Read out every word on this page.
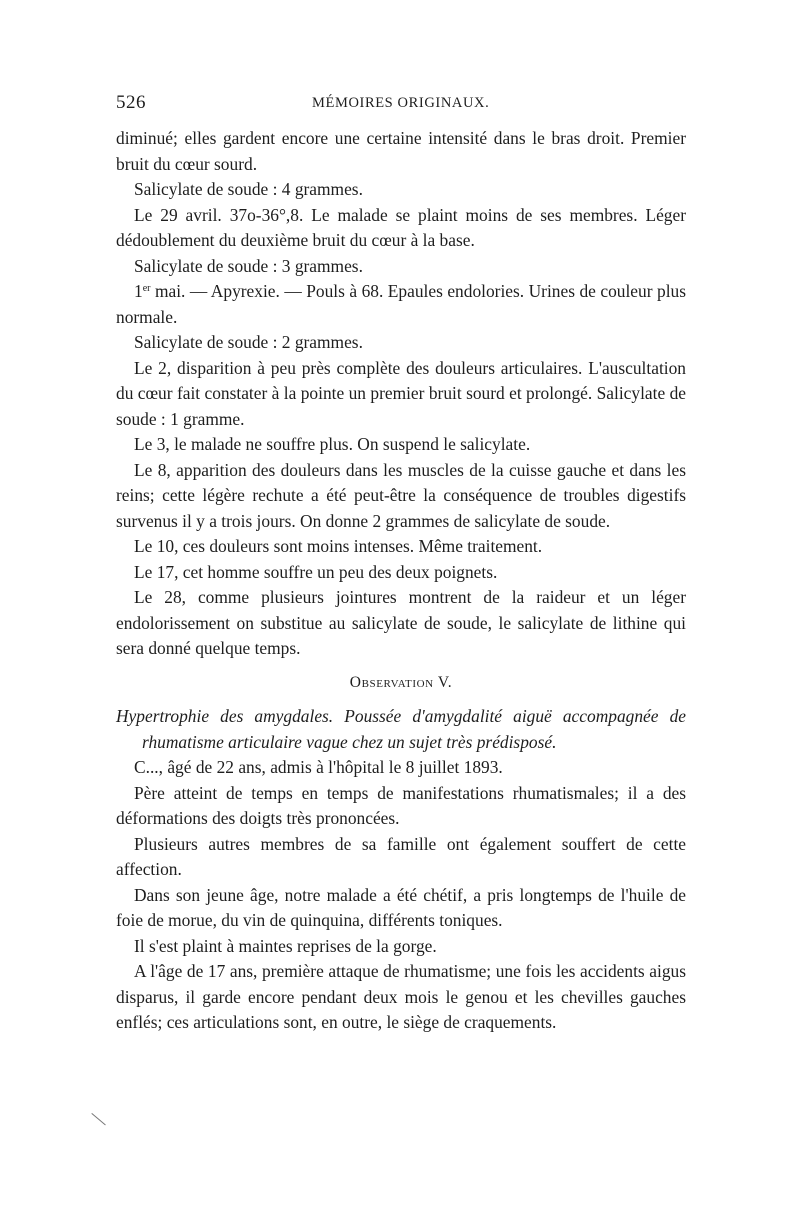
526	MÉMOIRES ORIGINAUX.

diminué; elles gardent encore une certaine intensité dans le bras droit. Premier bruit du cœur sourd.

Salicylate de soude : 4 grammes.

Le 29 avril. 37o-36°,8. Le malade se plaint moins de ses membres. Léger dédoublement du deuxième bruit du cœur à la base.

Salicylate de soude : 3 grammes.

1er mai. — Apyrexie. — Pouls à 68. Epaules endolories. Urines de couleur plus normale.

Salicylate de soude : 2 grammes.

Le 2, disparition à peu près complète des douleurs articulaires. L'auscultation du cœur fait constater à la pointe un premier bruit sourd et prolongé. Salicylate de soude : 1 gramme.

Le 3, le malade ne souffre plus. On suspend le salicylate.

Le 8, apparition des douleurs dans les muscles de la cuisse gauche et dans les reins; cette légère rechute a été peut-être la conséquence de troubles digestifs survenus il y a trois jours. On donne 2 grammes de salicylate de soude.

Le 10, ces douleurs sont moins intenses. Même traitement.

Le 17, cet homme souffre un peu des deux poignets.

Le 28, comme plusieurs jointures montrent de la raideur et un léger endolorissement on substitue au salicylate de soude, le salicylate de lithine qui sera donné quelque temps.

Observation V.

Hypertrophie des amygdales. Poussée d'amygdalité aiguë accompagnée de rhumatisme articulaire vague chez un sujet très prédisposé.

C..., âgé de 22 ans, admis à l'hôpital le 8 juillet 1893.

Père atteint de temps en temps de manifestations rhumatismales; il a des déformations des doigts très prononcées.

Plusieurs autres membres de sa famille ont également souffert de cette affection.

Dans son jeune âge, notre malade a été chétif, a pris longtemps de l'huile de foie de morue, du vin de quinquina, différents toniques.

Il s'est plaint à maintes reprises de la gorge.

A l'âge de 17 ans, première attaque de rhumatisme; une fois les accidents aigus disparus, il garde encore pendant deux mois le genou et les chevilles gauches enflés; ces articulations sont, en outre, le siège de craquements.
